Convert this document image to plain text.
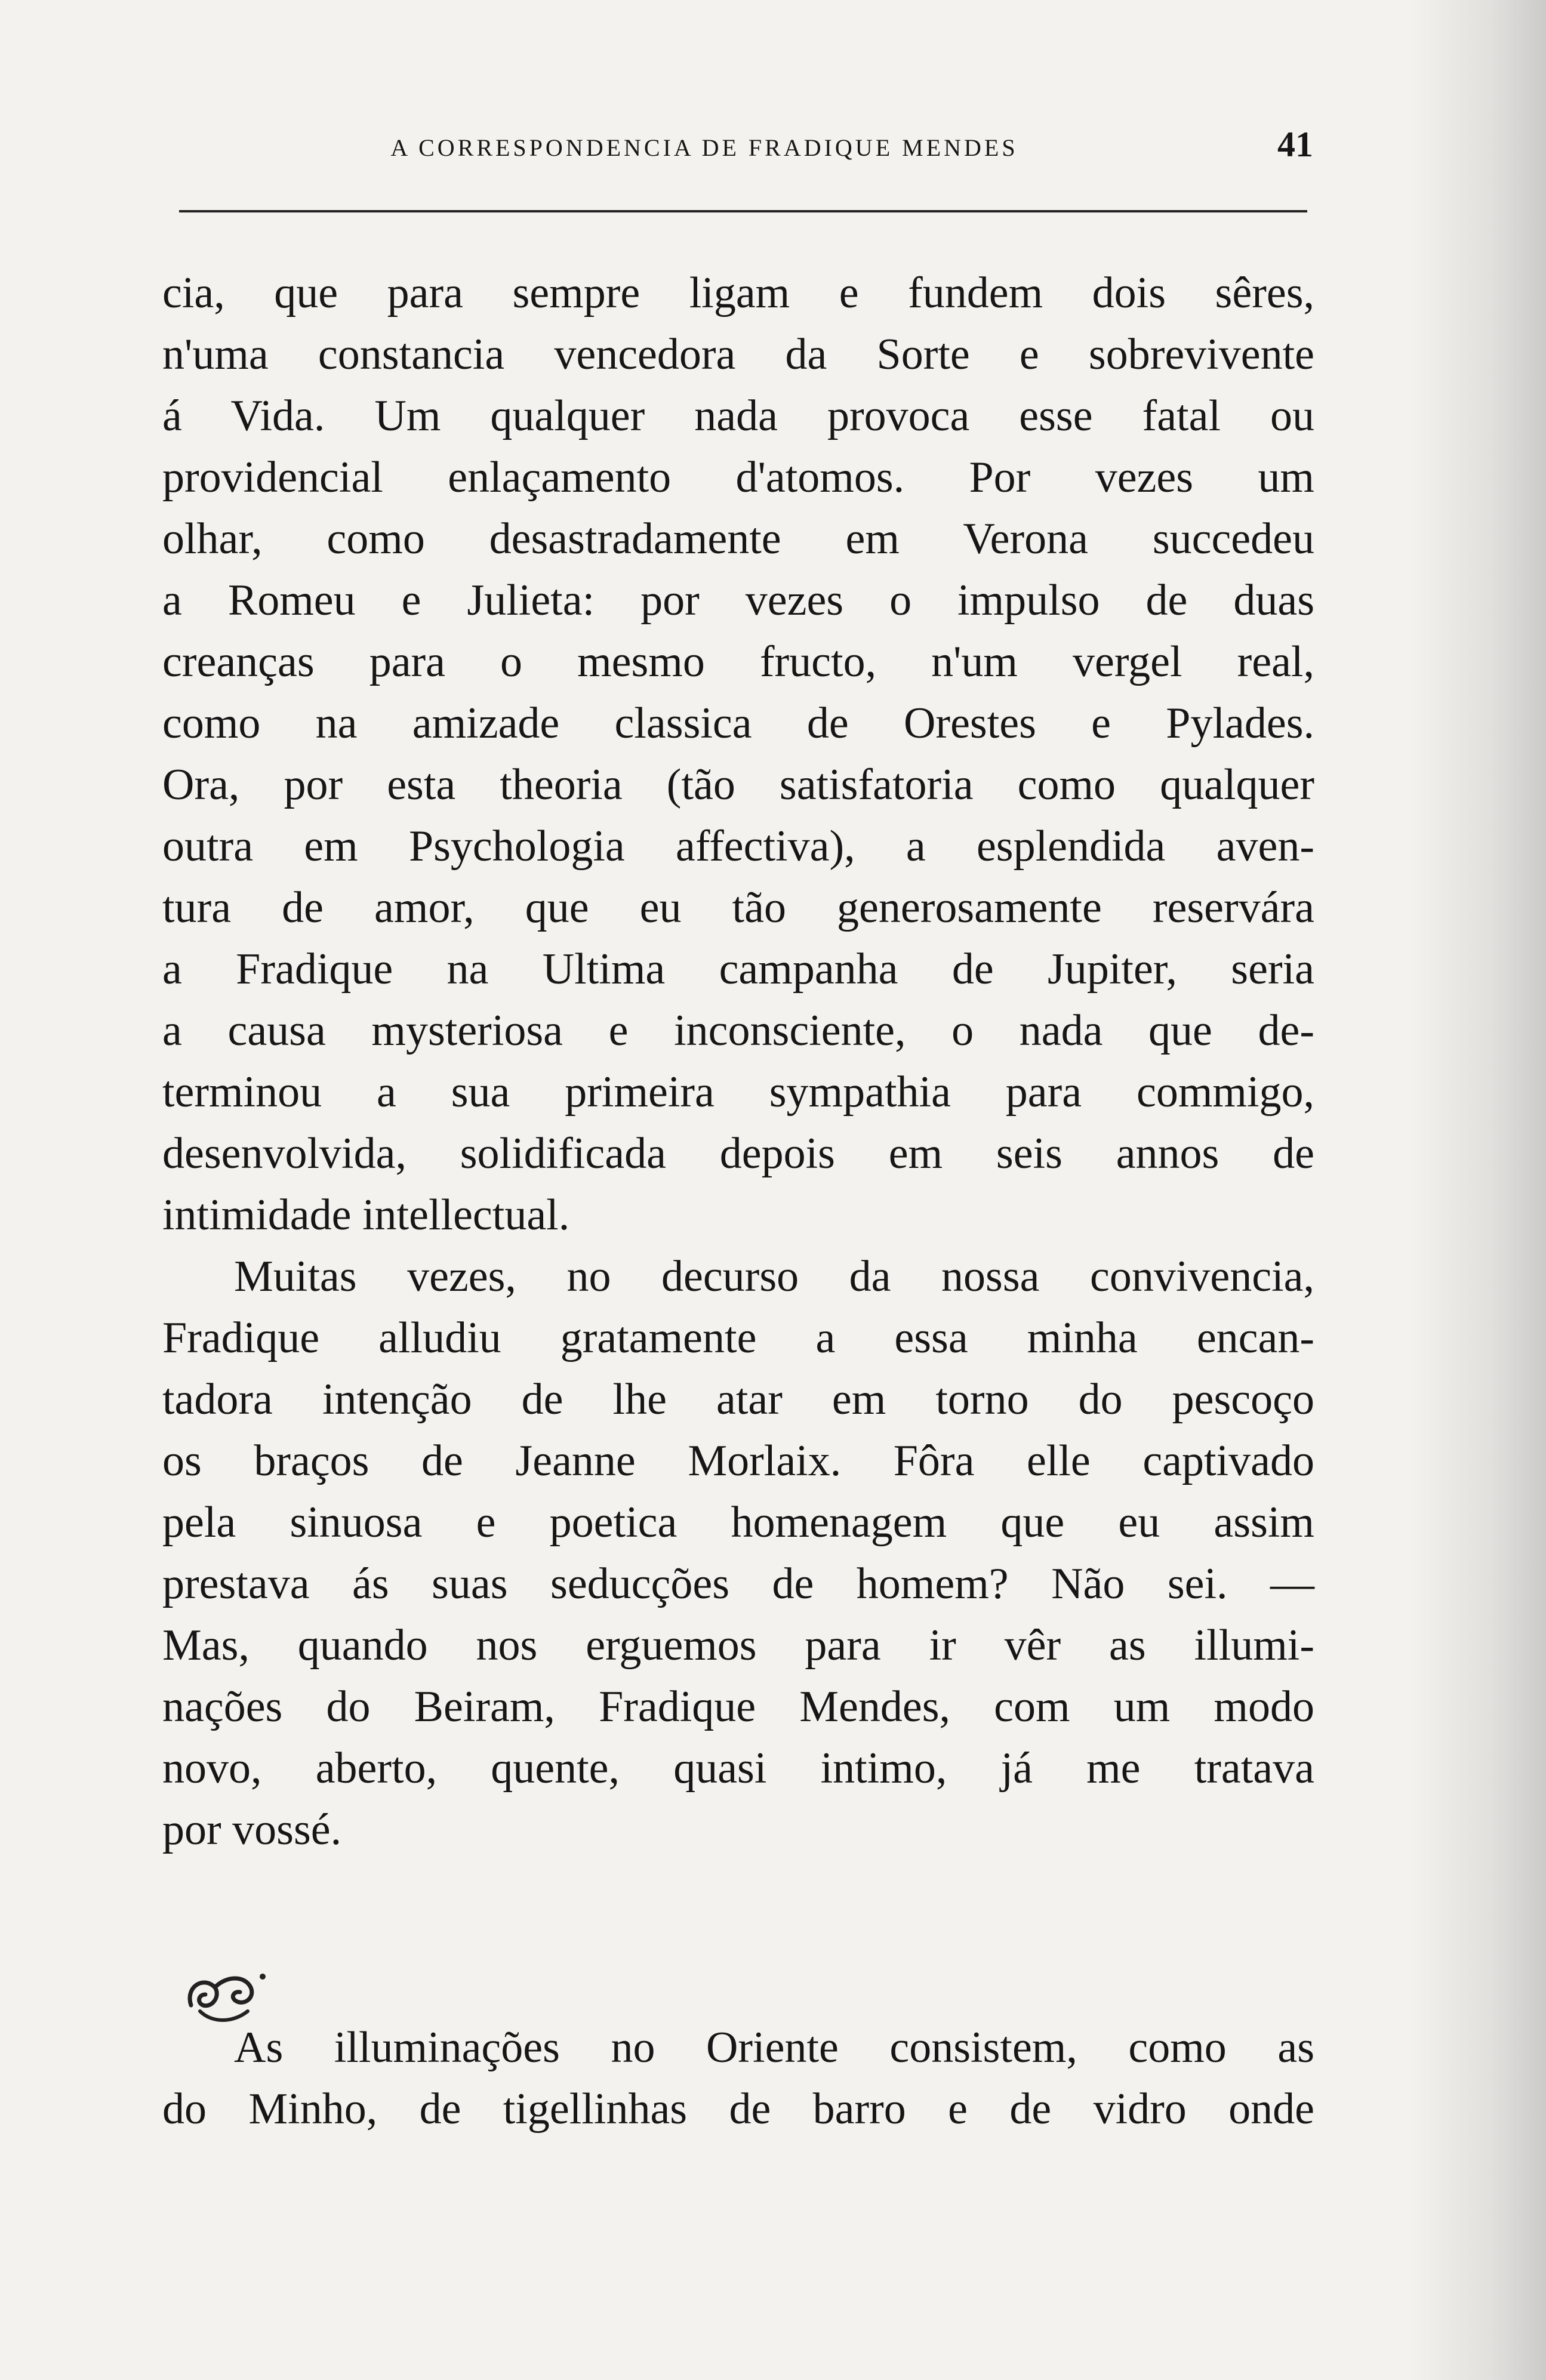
A CORRESPONDENCIA DE FRADIQUE MENDES	41
cia, que para sempre ligam e fundem dois sêres,
n'uma constancia vencedora da Sorte e sobrevivente
á Vida. Um qualquer nada provoca esse fatal ou
providencial enlaçamento d'atomos. Por vezes um
olhar, como desastradamente em Verona succedeu
a Romeu e Julieta: por vezes o impulso de duas
creanças para o mesmo fructo, n'um vergel real,
como na amizade classica de Orestes e Pylades.
Ora, por esta theoria (tão satisfatoria como qualquer
outra em Psychologia affectiva), a esplendida aven-
tura de amor, que eu tão generosamente reservára
a Fradique na Ultima campanha de Jupiter, seria
a causa mysteriosa e inconsciente, o nada que de-
terminou a sua primeira sympathia para commigo,
desenvolvida, solidificada depois em seis annos de
intimidade intellectual.
Muitas vezes, no decurso da nossa convivencia,
Fradique alludiu gratamente a essa minha encan-
tadora intenção de lhe atar em torno do pescoço
os braços de Jeanne Morlaix. Fôra elle captivado
pela sinuosa e poetica homenagem que eu assim
prestava ás suas seducções de homem? Não sei. —
Mas, quando nos erguemos para ir vêr as illumi-
nações do Beiram, Fradique Mendes, com um modo
novo, aberto, quente, quasi intimo, já me tratava
por vossé.
As illuminações no Oriente consistem, como as
do Minho, de tigellinhas de barro e de vidro onde
